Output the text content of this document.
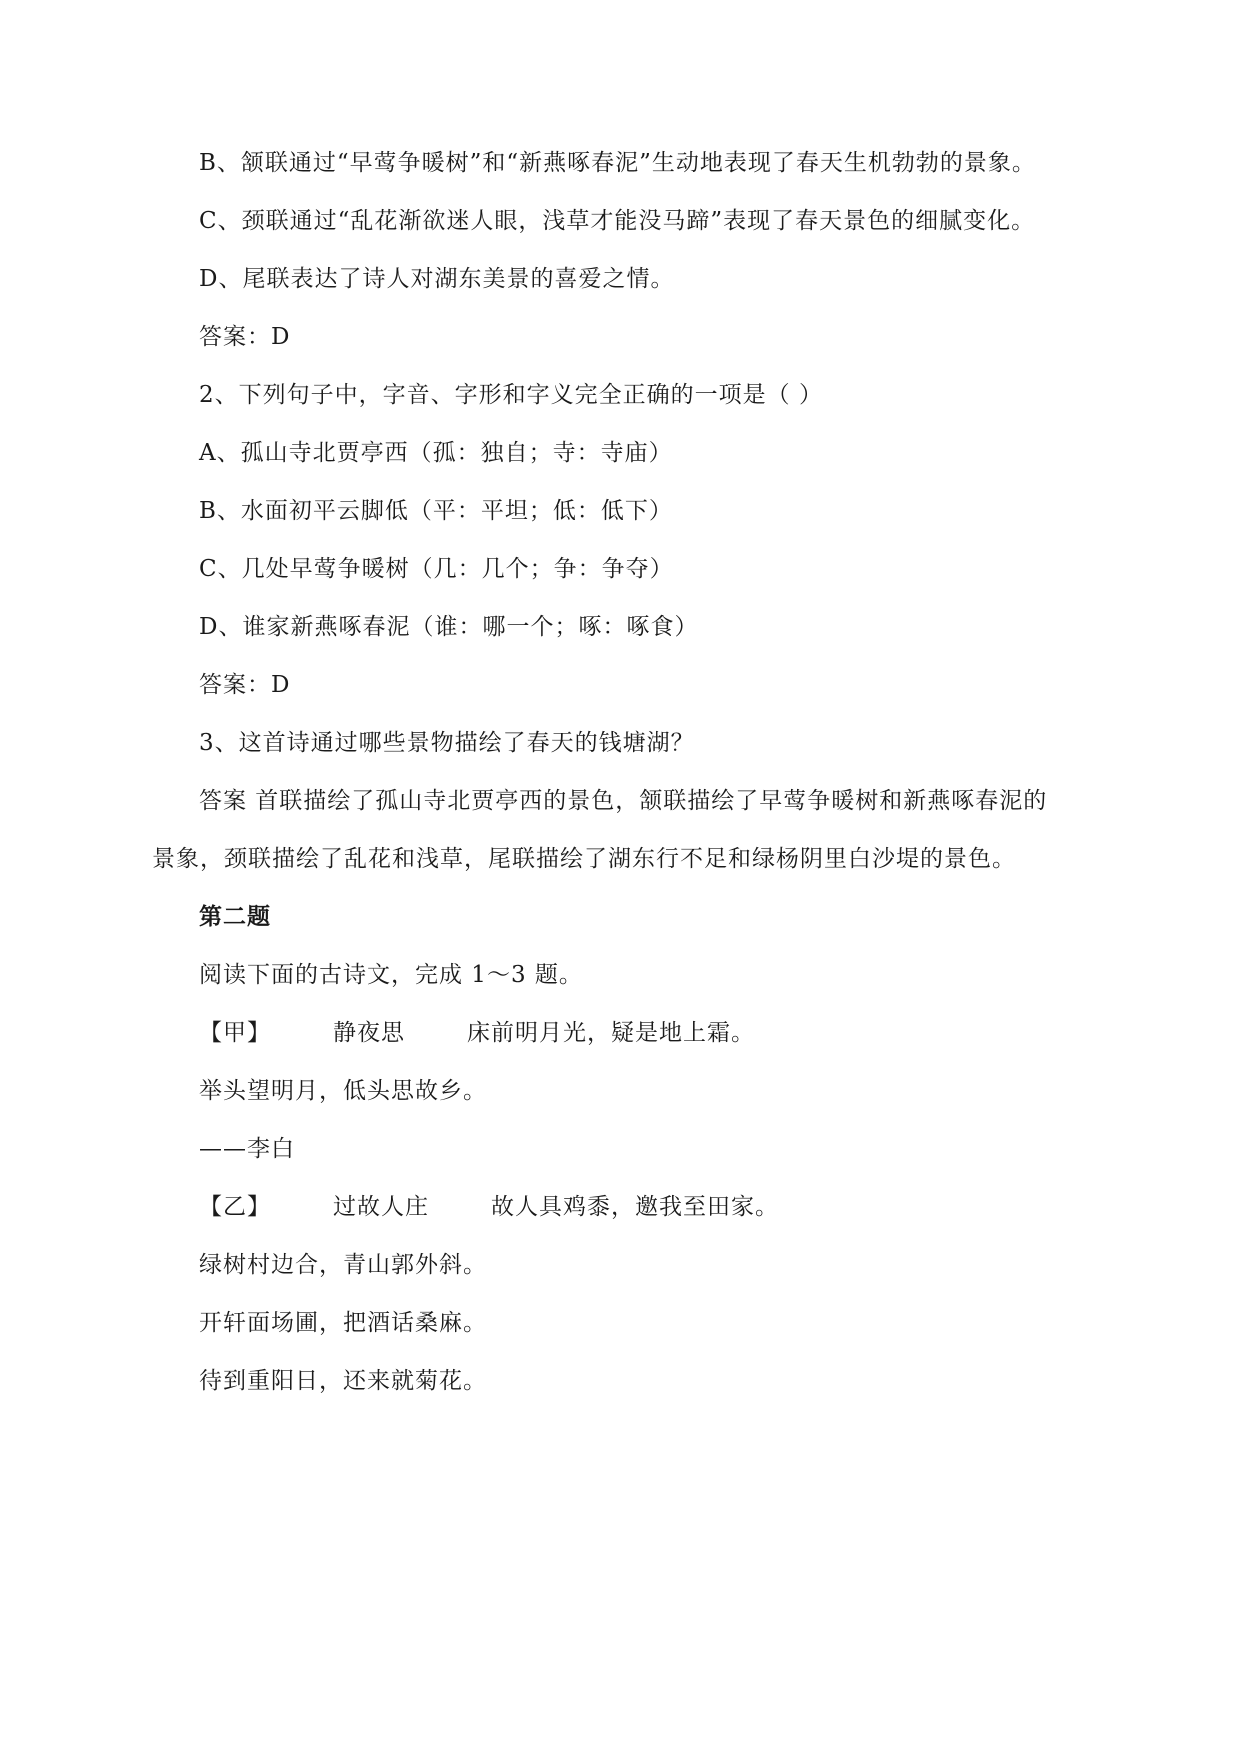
B、颔联通过“早莺争暖树”和“新燕啄春泥”生动地表现了春天生机勃勃的景象。
C、颈联通过“乱花渐欲迷人眼，浅草才能没马蹄”表现了春天景色的细腻变化。
D、尾联表达了诗人对湖东美景的喜爱之情。
答案：D
2、下列句子中，字音、字形和字义完全正确的一项是（ ）
A、孤山寺北贾亭西（孤：独自；寺：寺庙）
B、水面初平云脚低（平：平坦；低：低下）
C、几处早莺争暖树（几：几个；争：争夺）
D、谁家新燕啄春泥（谁：哪一个；啄：啄食）
答案：D
3、这首诗通过哪些景物描绘了春天的钱塘湖？
答案 首联描绘了孤山寺北贾亭西的景色，颔联描绘了早莺争暖树和新燕啄春泥的
景象，颈联描绘了乱花和浅草，尾联描绘了湖东行不足和绿杨阴里白沙堤的景色。
第二题
阅读下面的古诗文，完成 1～3 题。
【甲】	静夜思	床前明月光，疑是地上霜。
举头望明月，低头思故乡。
——李白
【乙】	过故人庄	故人具鸡黍，邀我至田家。
绿树村边合，青山郭外斜。
开轩面场圃，把酒话桑麻。
待到重阳日，还来就菊花。
